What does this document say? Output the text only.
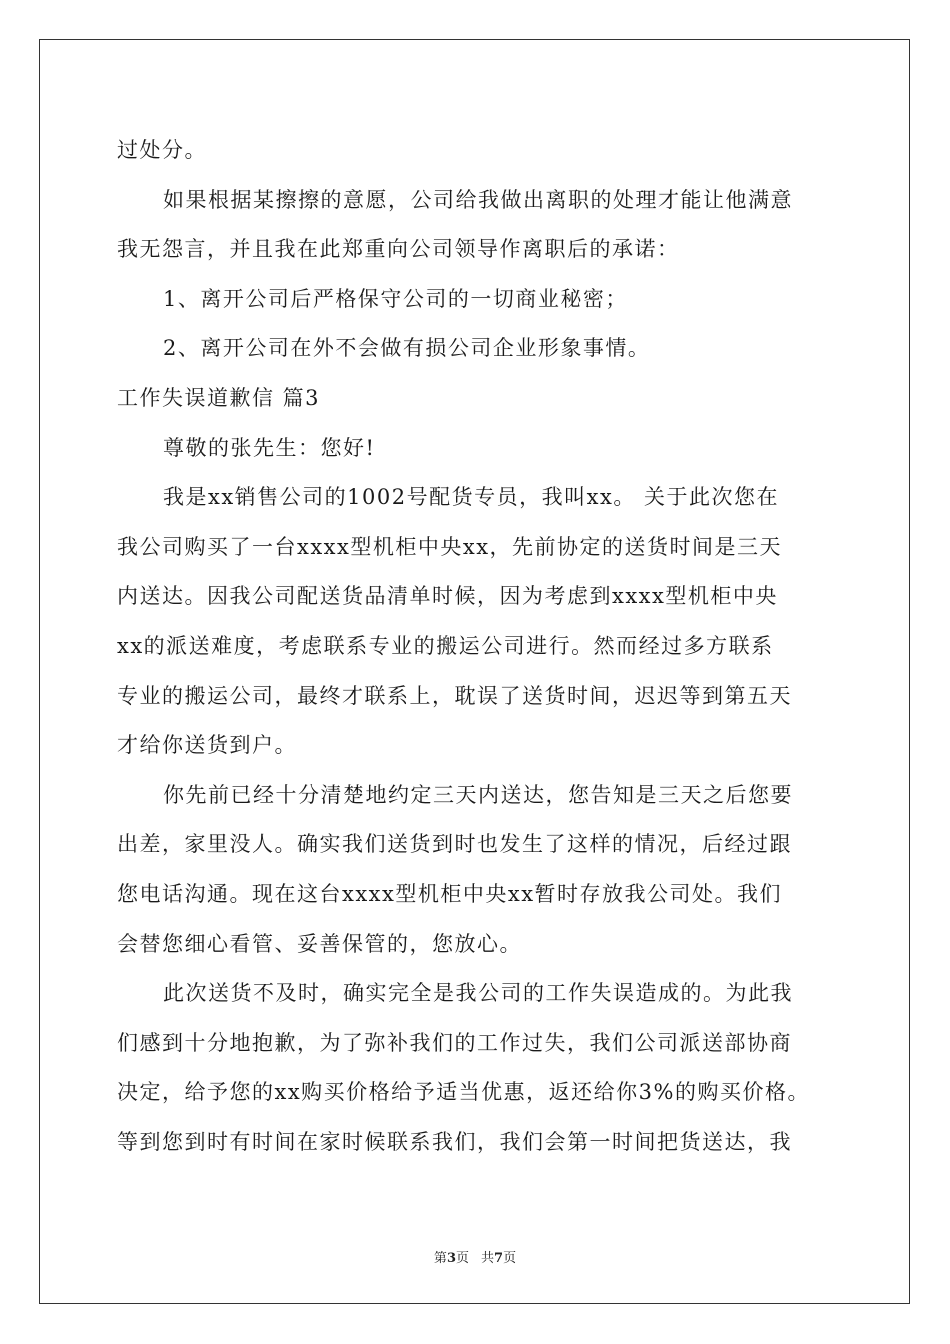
过处分。
如果根据某擦擦的意愿，公司给我做出离职的处理才能让他满意
我无怨言，并且我在此郑重向公司领导作离职后的承诺：
1、离开公司后严格保守公司的一切商业秘密；
2、离开公司在外不会做有损公司企业形象事情。
工作失误道歉信 篇3
尊敬的张先生：您好!
我是xx销售公司的1002号配货专员，我叫xx。 关于此次您在
我公司购买了一台xxxx型机柜中央xx，先前协定的送货时间是三天
内送达。因我公司配送货品清单时候，因为考虑到xxxx型机柜中央
xx的派送难度，考虑联系专业的搬运公司进行。然而经过多方联系
专业的搬运公司，最终才联系上，耽误了送货时间，迟迟等到第五天
才给你送货到户。
你先前已经十分清楚地约定三天内送达，您告知是三天之后您要
出差，家里没人。确实我们送货到时也发生了这样的情况，后经过跟
您电话沟通。现在这台xxxx型机柜中央xx暂时存放我公司处。我们
会替您细心看管、妥善保管的，您放心。
此次送货不及时，确实完全是我公司的工作失误造成的。为此我
们感到十分地抱歉，为了弥补我们的工作过失，我们公司派送部协商
决定，给予您的xx购买价格给予适当优惠，返还给你3%的购买价格。
等到您到时有时间在家时候联系我们，我们会第一时间把货送达，我
第3页 共7页
